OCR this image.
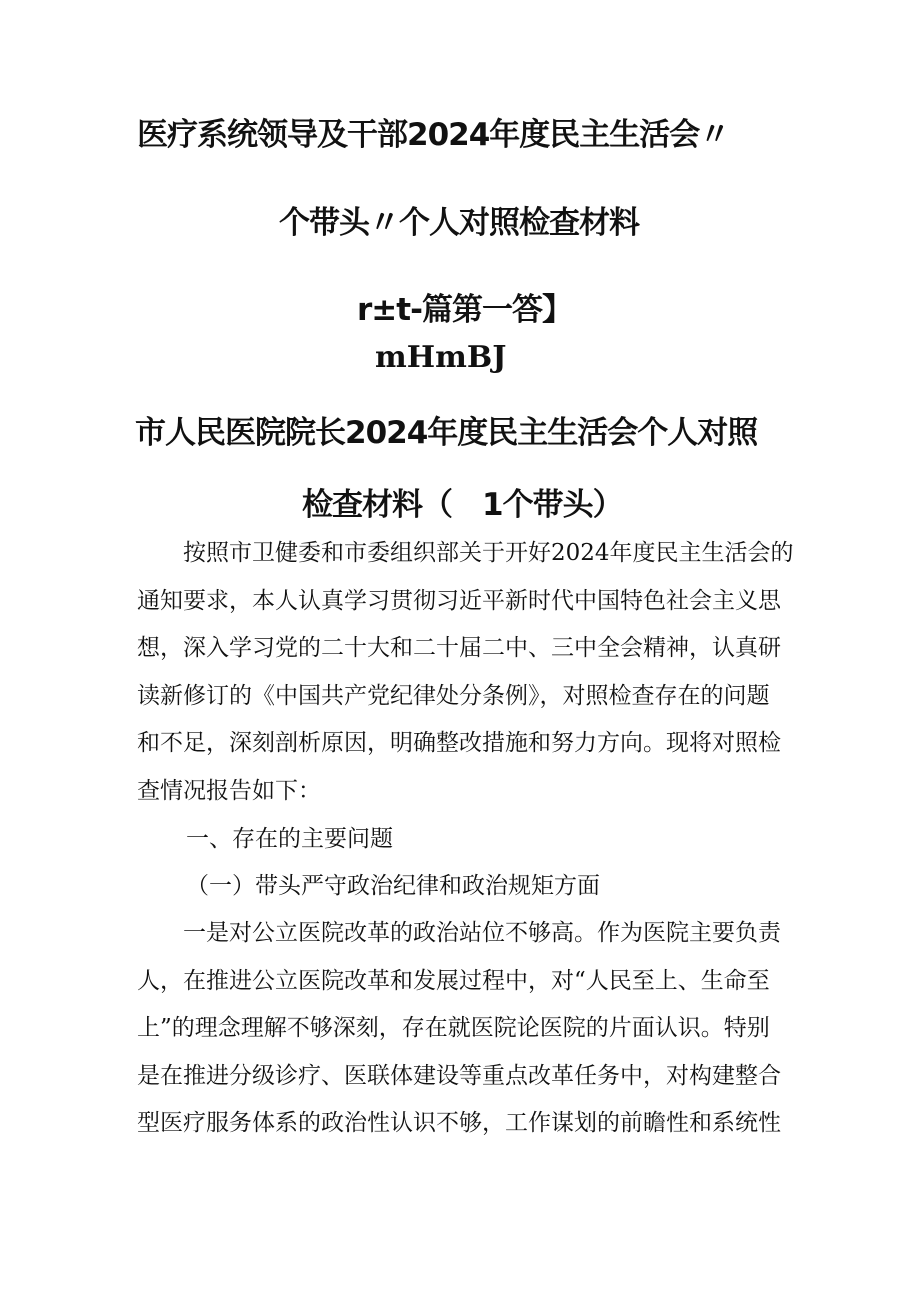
医疗系统领导及干部2024年度民主生活会〃
个带头〃个人对照检查材料
r±t-篇第一答】
mHmBJ
市人民医院院长2024年度民主生活会个人对照
检查材料（　1个带头）
　　按照市卫健委和市委组织部关于开好2024年度民主生活会的
通知要求，本人认真学习贯彻习近平新时代中国特色社会主义思
想，深入学习党的二十大和二十届二中、三中全会精神，认真研
读新修订的《中国共产党纪律处分条例》，对照检查存在的问题
和不足，深刻剖析原因，明确整改措施和努力方向。现将对照检
查情况报告如下：
一、存在的主要问题
（一）带头严守政治纪律和政治规矩方面
　　一是对公立医院改革的政治站位不够高。作为医院主要负责
人，在推进公立医院改革和发展过程中，对“人民至上、生命至
上”的理念理解不够深刻，存在就医院论医院的片面认识。特别
是在推进分级诊疗、医联体建设等重点改革任务中，对构建整合
型医疗服务体系的政治性认识不够，工作谋划的前瞻性和系统性
